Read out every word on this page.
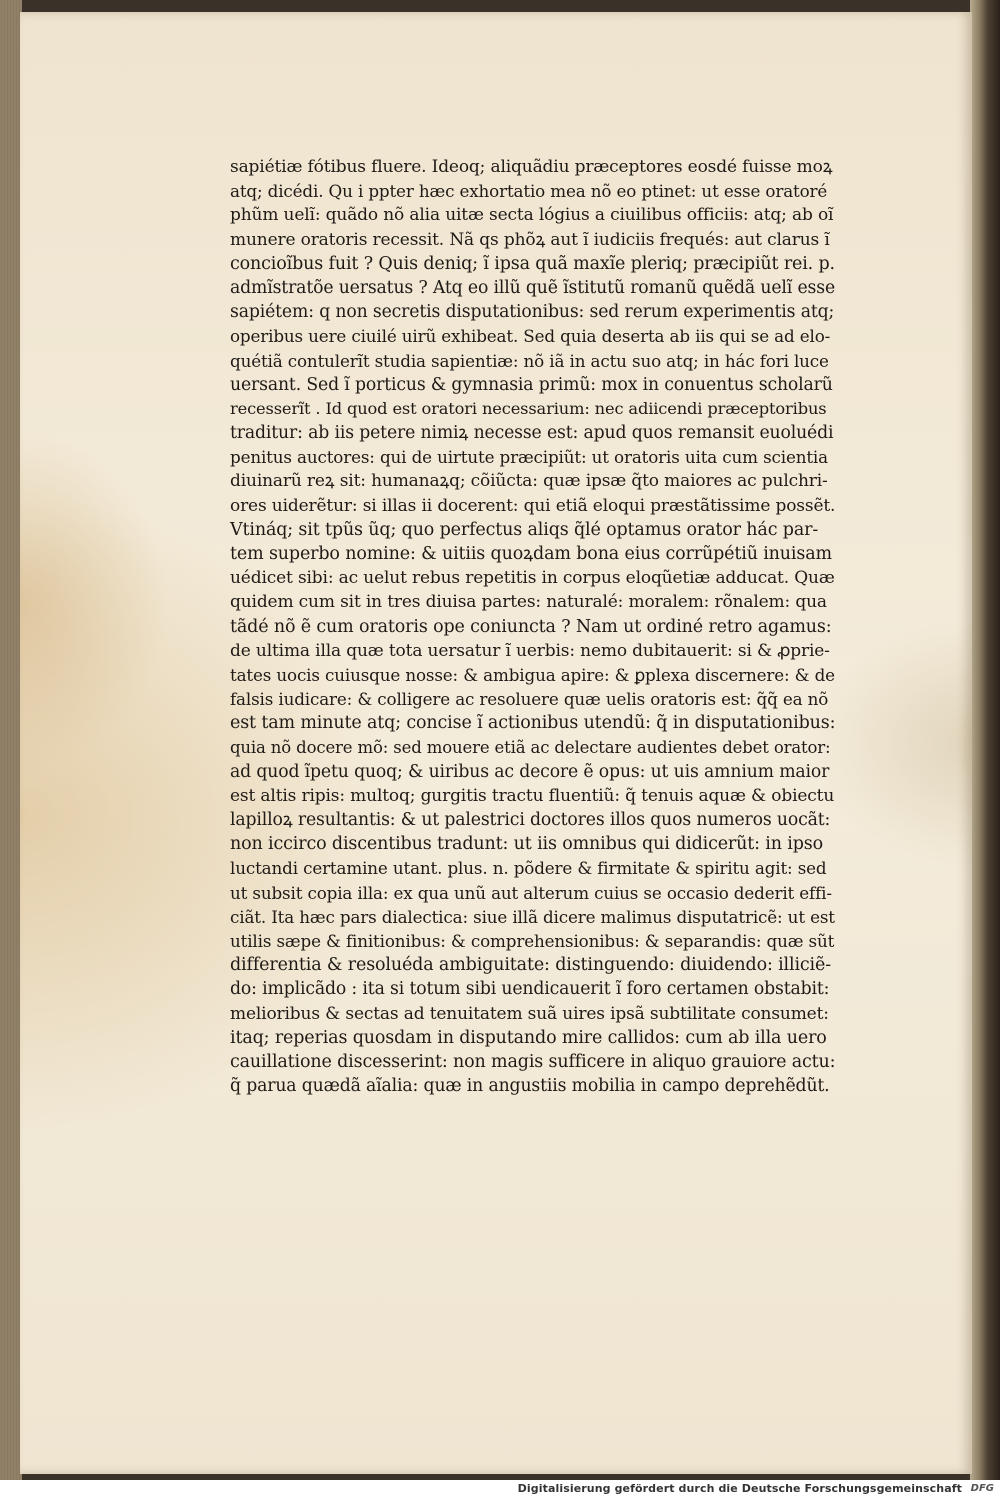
sapiétiæ fótibus fluere. Ideoq; aliquãdiu præceptores eosdé fuisse moꝝ
atq; dicédi. Qu i ppter hæc exhortatio mea nõ eo ptinet: ut esse oratoré
phũm uelĩ: quãdo nõ alia uitæ secta lógius a ciuilibus officiis: atq; ab oĩ
munere oratoris recessit. Nã qs phõꝝ aut ĩ iudiciis frequés: aut clarus ĩ
concioĩbus fuit ? Quis deniq; ĩ ipsa quã maxĩe pleriq; præcipiũt rei. p.
admĩstratõe uersatus ? Atq eo illũ quẽ ĩstitutũ romanũ quẽdã uelĩ esse
sapiétem: q non secretis disputationibus: sed rerum experimentis atq;
operibus uere ciuilé uirũ exhibeat. Sed quia deserta ab iis qui se ad elo-
quétiã contulerĩt studia sapientiæ: nõ iã in actu suo atq; in hác fori luce
uersant. Sed ĩ porticus & gymnasia primũ: mox in conuentus scholarũ
recesserĩt . Id quod est oratori necessarium: nec adiicendi præceptoribus
traditur: ab iis petere nimiꝝ necesse est: apud quos remansit euoluédi
penitus auctores: qui de uirtute præcipiũt: ut oratoris uita cum scientia
diuinarũ reꝝ sit: humanaꝝq; cõiũcta: quæ ipsæ q̃to maiores ac pulchri-
ores uiderẽtur: si illas ii docerent: qui etiã eloqui præstãtissime possẽt.
Vtináq; sit tpũs ũq; quo perfectus aliqs q̃lé optamus orator hác par-
tem superbo nomine: & uitiis quoꝝdam bona eius corrũpétiũ inuisam
uédicet sibi: ac uelut rebus repetitis in corpus eloqũetiæ adducat. Quæ
quidem cum sit in tres diuisa partes: naturalé: moralem: rõnalem: qua
tãdé nõ ẽ cum oratoris ope coniuncta ? Nam ut ordiné retro agamus:
de ultima illa quæ tota uersatur ĩ uerbis: nemo dubitauerit: si & ꝓprie-
tates uocis cuiusque nosse: & ambigua apire: & ꝑplexa discernere: & de
falsis iudicare: & colligere ac resoluere quæ uelis oratoris est: q̃q̃ ea nõ
est tam minute atq; concise ĩ actionibus utendũ: q̃ in disputationibus:
quia nõ docere mõ: sed mouere etiã ac delectare audientes debet orator:
ad quod ĩpetu quoq; & uiribus ac decore ẽ opus: ut uis amnium maior
est altis ripis: multoq; gurgitis tractu fluentiũ: q̃ tenuis aquæ & obiectu
lapilloꝝ resultantis: & ut palestrici doctores illos quos numeros uocãt:
non iccirco discentibus tradunt: ut iis omnibus qui didicerũt: in ipso
luctandi certamine utant. plus. n. põdere & firmitate & spiritu agit: sed
ut subsit copia illa: ex qua unũ aut alterum cuius se occasio dederit effi-
ciãt. Ita hæc pars dialectica: siue illã dicere malimus disputatricẽ: ut est
utilis sæpe & finitionibus: & comprehensionibus: & separandis: quæ sũt
differentia & resoluéda ambiguitate: distinguendo: diuidendo: illiciẽ-
do: implicãdo : ita si totum sibi uendicauerit ĩ foro certamen obstabit:
melioribus & sectas ad tenuitatem suã uires ipsã subtilitate consumet:
itaq; reperias quosdam in disputando mire callidos: cum ab illa uero
cauillatione discesserint: non magis sufficere in aliquo grauiore actu:
q̃ parua quædã aĩalia: quæ in angustiis mobilia in campo deprehẽdũt.
Digitalisierung gefördert durch die Deutsche Forschungsgemeinschaft DFG
